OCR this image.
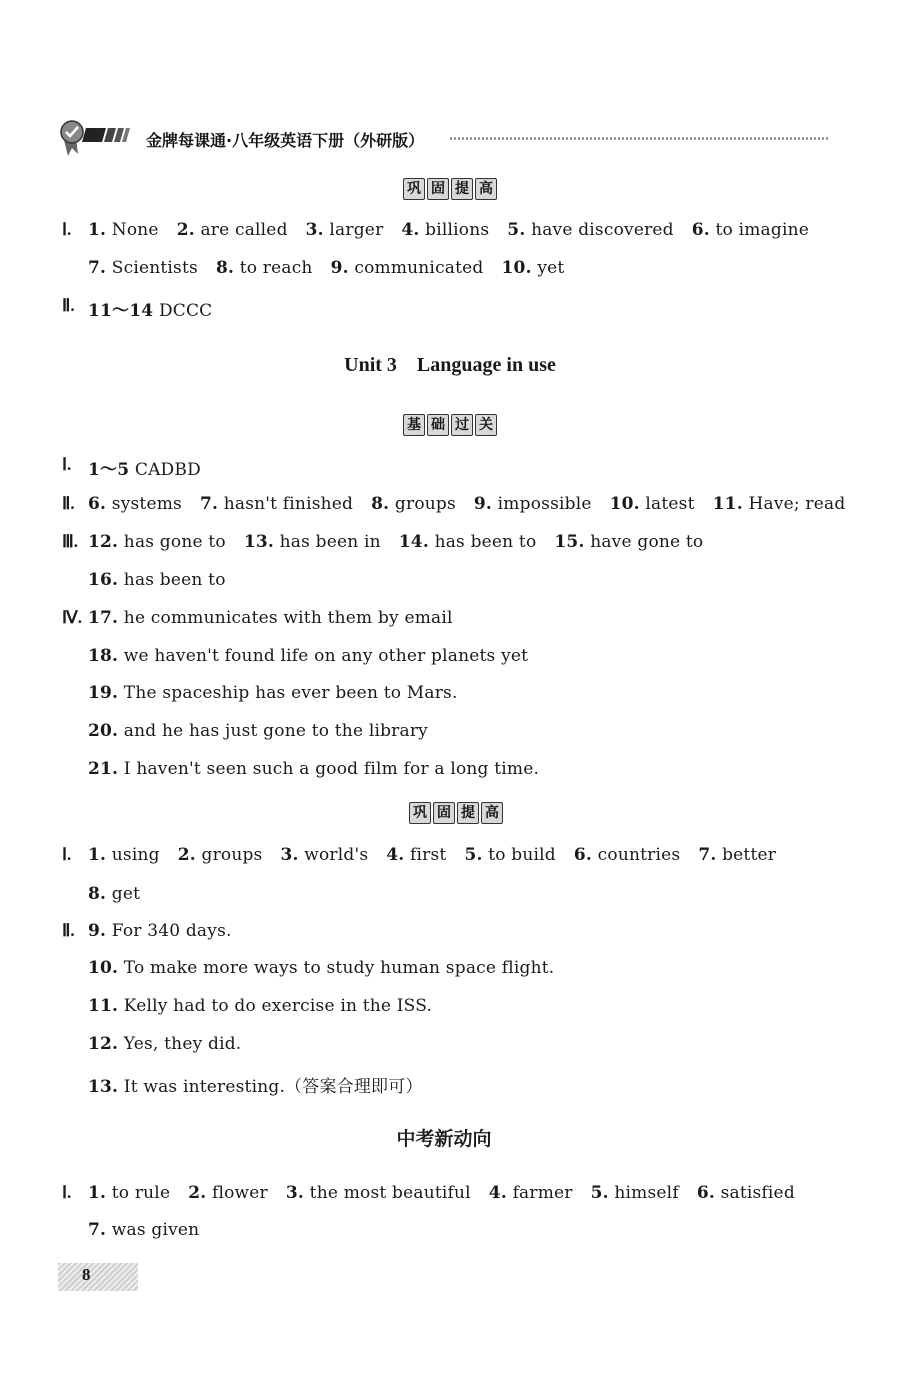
金牌每课通·八年级英语下册（外研版）
巩 固 提 高
Ⅰ. 1. None 2. are called 3. larger 4. billions 5. have discovered 6. to imagine
7. Scientists 8. to reach 9. communicated 10. yet
Ⅱ. 11～14 DCCC
Unit 3　Language in use
基 础 过 关
Ⅰ. 1～5 CADBD
Ⅱ. 6. systems 7. hasn't finished 8. groups 9. impossible 10. latest 11. Have; read
Ⅲ. 12. has gone to 13. has been in 14. has been to 15. have gone to
16. has been to
Ⅳ. 17. he communicates with them by email
18. we haven't found life on any other planets yet
19. The spaceship has ever been to Mars.
20. and he has just gone to the library
21. I haven't seen such a good film for a long time.
巩 固 提 高
Ⅰ. 1. using 2. groups 3. world's 4. first 5. to build 6. countries 7. better
8. get
Ⅱ. 9. For 340 days.
10. To make more ways to study human space flight.
11. Kelly had to do exercise in the ISS.
12. Yes, they did.
13. It was interesting.（答案合理即可）
中考新动向
Ⅰ. 1. to rule 2. flower 3. the most beautiful 4. farmer 5. himself 6. satisfied
7. was given
8
